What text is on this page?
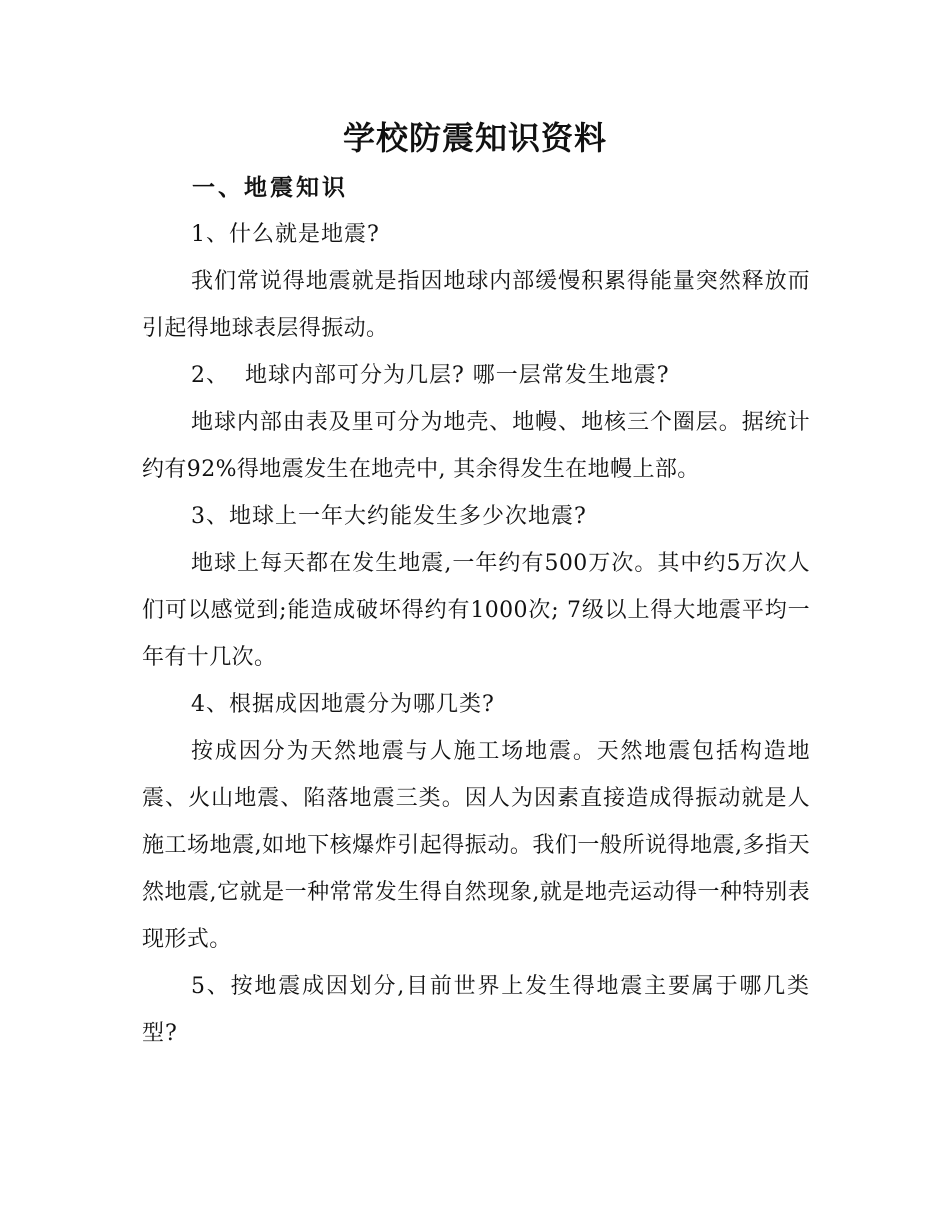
学校防震知识资料
一、地震知识

1、什么就是地震?

我们常说得地震就是指因地球内部缓慢积累得能量突然释放而引起得地球表层得振动。

2、  地球内部可分为几层? 哪一层常发生地震?

地球内部由表及里可分为地壳、地幔、地核三个圈层。据统计约有92%得地震发生在地壳中, 其余得发生在地幔上部。

3、地球上一年大约能发生多少次地震?

地球上每天都在发生地震,一年约有500万次。其中约5万次人们可以感觉到;能造成破坏得约有1000次; 7级以上得大地震平均一年有十几次。

4、根据成因地震分为哪几类?

按成因分为天然地震与人施工场地震。天然地震包括构造地震、火山地震、陷落地震三类。因人为因素直接造成得振动就是人施工场地震,如地下核爆炸引起得振动。我们一般所说得地震,多指天然地震,它就是一种常常发生得自然现象,就是地壳运动得一种特别表现形式。

5、按地震成因划分,目前世界上发生得地震主要属于哪几类型?
